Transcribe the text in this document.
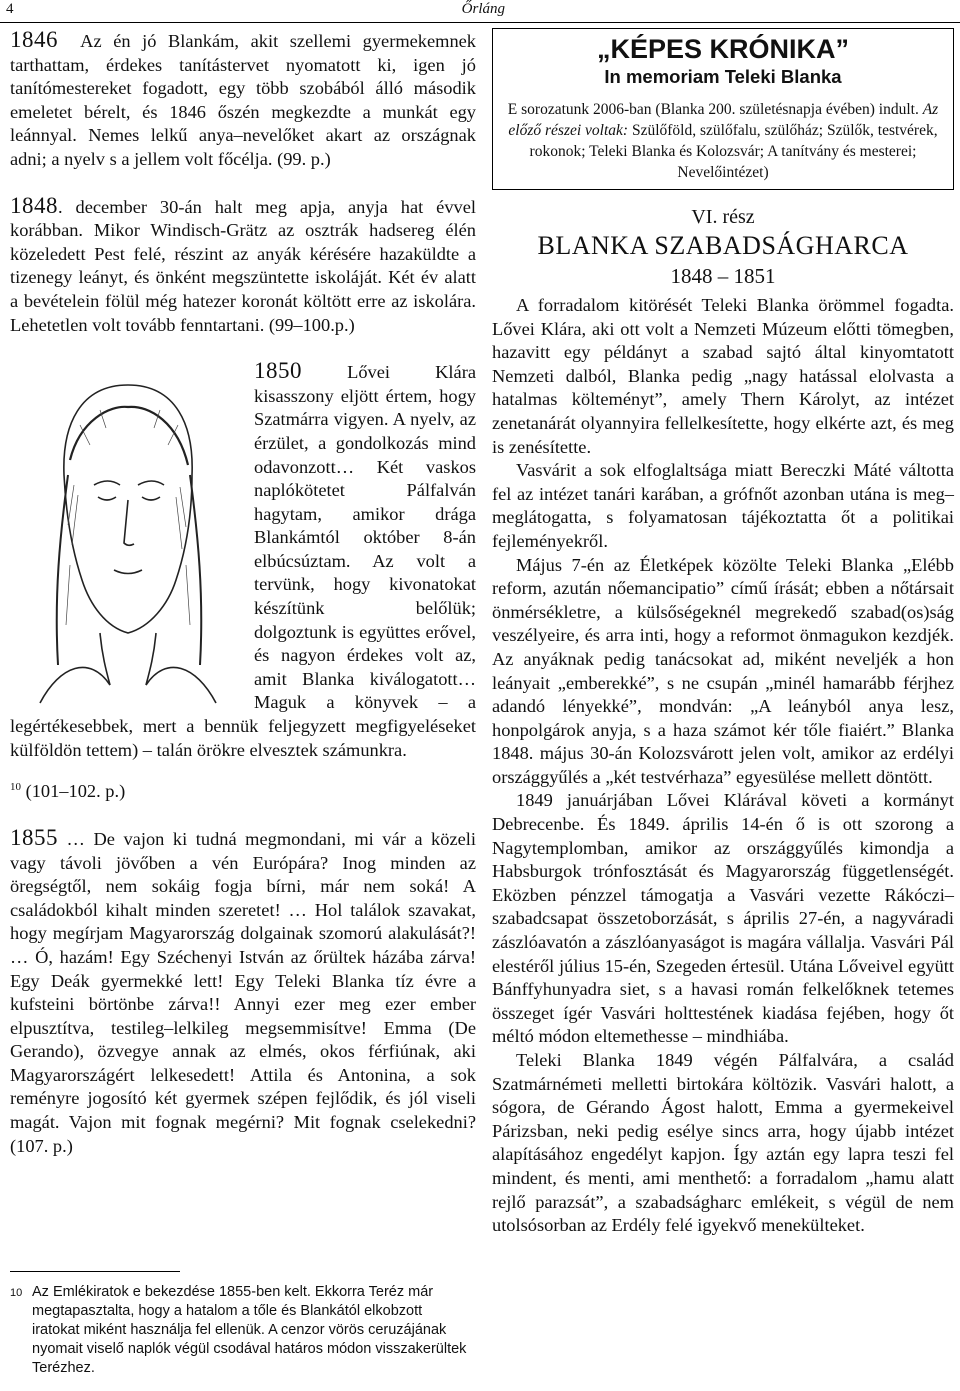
4	Őrláng

1846 Az én jó Blankám, akit szellemi gyermekemnek tarthattam, érdekes tanítástervet nyomatott ki, igen jó tanítómestereket fogadott, egy több szobából álló második emeletet bérelt, és 1846 őszén megkezdte a munkát egy leánnyal. Nemes lelkű anya–nevelőket akart az országnak adni; a nyelv s a jellem volt főcélja. (99. p.)

1848. december 30-án halt meg apja, anyja hat évvel korábban. Mikor Windisch-Grätz az osztrák hadsereg élén közeledett Pest felé, részint az anyák kérésére hazaküldte a tizenegy leányt, és önként megszüntette iskoláját. Két év alatt a bevételein fölül még hatezer koronát költött erre az iskolára. Lehetetlen volt tovább fenntartani. (99–100.p.)

1850
Lővei Klára kisasszony eljött értem, hogy Szatmárra vigyen. A nyelv, az érzület, a gondolkozás mind odavonzott… Két vaskos naplókötetet Pálfalván hagytam, amikor drága Blankámtól október 8-án elbúcsúztam. Az volt a tervünk, hogy kivonatokat készítünk belőlük; dolgoztunk is együttes erővel, és nagyon érdekes volt az, amit Blanka kiválogatott… Maguk a könyvek – a legértékesebbek, mert a bennük feljegyzett megfigyeléseket külföldön tettem) – talán örökre elvesztek számunkra.

$^{10}$ (101–102. p.)

1855 … De vajon ki tudná megmondani, mi vár a közeli vagy távoli jövőben a vén Európára? Inog minden az öregségtől, nem sokáig fogja bírni, már nem soká! A családokból kihalt minden szeretet! … Hol találok szavakat, hogy megírjam Magyarország dolgainak szomorú alakulását?! … Ó, hazám! Egy Széchenyi István az őrültek házába zárva! Egy Deák gyermekké lett! Egy Teleki Blanka tíz évre a kufsteini börtönbe zárva!! Annyi ezer meg ezer ember elpusztítva, testileg–lelkileg megsemmisítve! Emma (De Gerando), özvegye annak az elmés, okos férfiúnak, aki Magyarországért lelkesedett! Attila és Antonina, a sok reményre jogosító két gyermek szépen fejlődik, és jól viseli magát. Vajon mit fognak megérni? Mit fognak cselekedni? (107. p.)

10 Az Emlékiratok e bekezdése 1855-ben kelt. Ekkorra Teréz már megtapasztalta, hogy a hatalom a tőle és Blankától elkobzott iratokat miként használja fel ellenük. A cenzor vörös ceruzájának nyomait viselő naplók végül csodával határos módon visszakerültek Terézhez.
„KÉPES KRÓNIKA”
In memoriam Teleki Blanka
E sorozatunk 2006-ban (Blanka 200. születésnapja évében) indult. Az előző részei voltak: Szülőföld, szülőfalu, szülőház; Szülők, testvérek, rokonok; Teleki Blanka és Kolozsvár; A tanítvány és mesterei; Nevelőintézet)
VI. rész
BLANKA SZABADSÁGHARCA
1848 – 1851

A forradalom kitörését Teleki Blanka örömmel fogadta. Lővei Klára, aki ott volt a Nemzeti Múzeum előtti tömegben, hazavitt egy példányt a szabad sajtó által kinyomtatott Nemzeti dalból, Blanka pedig „nagy hatással elolvasta a hatalmas költeményt”, amely Thern Károlyt, az intézet zenetanárát olyannyira fellelkesítette, hogy elkérte azt, és meg is zenésítette.

Vasvárit a sok elfoglaltsága miatt Bereczki Máté váltotta fel az intézet tanári karában, a grófnőt azonban utána is meg–meglátogatta, s folyamatosan tájékoztatta őt a politikai fejleményekről.

Május 7-én az Életképek közölte Teleki Blanka „Elébb reform, azután nőemancipatio” című írását; ebben a nőtársait önmérsékletre, a külsőségeknél megrekedő szabad(os)ság veszélyeire, és arra inti, hogy a reformot önmagukon kezdjék. Az anyáknak pedig tanácsokat ad, miként neveljék a hon leányait „emberekké”, s ne csupán „minél hamarább férjhez adandó lényekké”, mondván: „A leányból anya lesz, honpolgárok anyja, s a haza számot kér tőle fiaiért.” Blanka 1848. május 30-án Kolozsvárott jelen volt, amikor az erdélyi országgyűlés a „két testvérhaza” egyesülése mellett döntött.

1849 januárjában Lővei Klárával követi a kormányt Debrecenbe. És 1849. április 14-én ő is ott szorong a Nagytemplomban, amikor az országgyűlés kimondja a Habsburgok trónfosztását és Magyarország függetlenségét. Eközben pénzzel támogatja a Vasvári vezette Rákóczi–szabadcsapat összetoborzását, s április 27-én, a nagyváradi zászlóavatón a zászlóanyaságot is magára vállalja. Vasvári Pál elestéről július 15-én, Szegeden értesül. Utána Lőveivel együtt Bánffyhunyadra siet, s a havasi román felkelőknek tetemes összeget ígér Vasvári holttestének kiadása fejében, hogy őt méltó módon eltemethesse – mindhiába.

Teleki Blanka 1849 végén Pálfalvára, a család Szatmárnémeti melletti birtokára költözik. Vasvári halott, a sógora, de Gérando Ágost halott, Emma a gyermekeivel Párizsban, neki pedig esélye sincs arra, hogy újabb intézet alapításához engedélyt kapjon. Így aztán egy lapra teszi fel mindent, és menti, ami menthető: a forradalom „hamu alatt rejlő parazsát”, a szabadságharc emlékeit, s végül de nem utolsósorban az Erdély felé igyekvő menekülteket.
